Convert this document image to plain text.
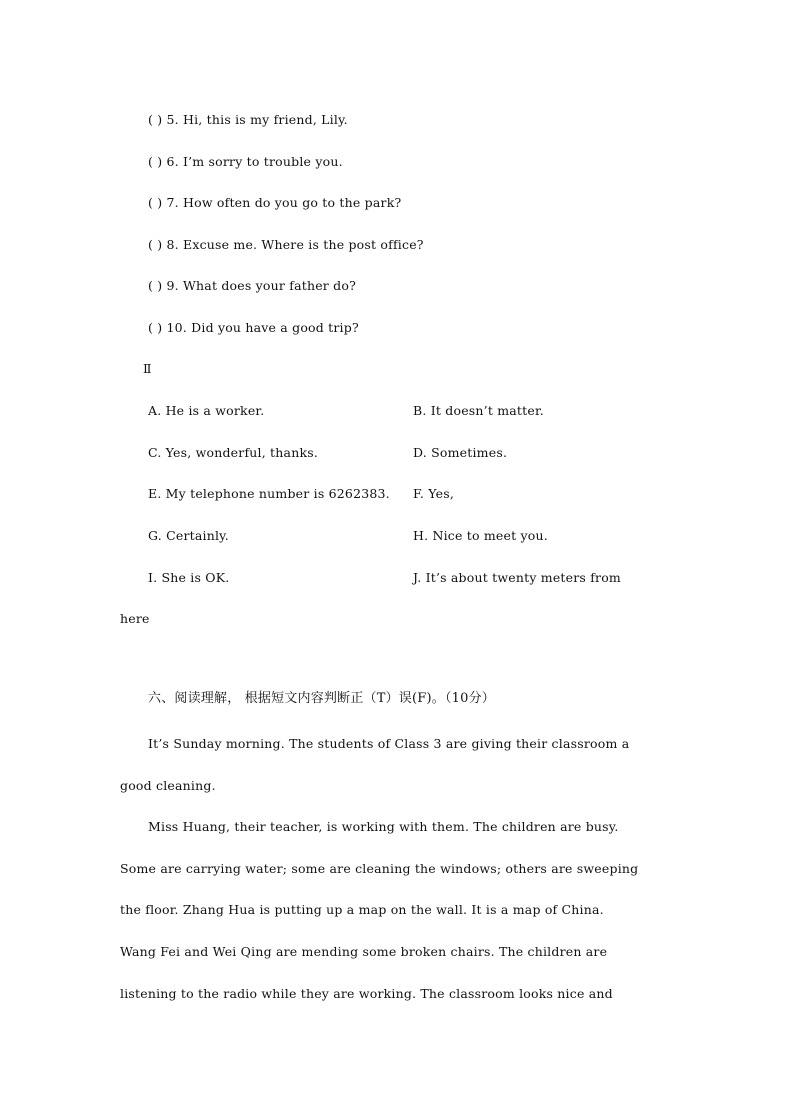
( ) 5. Hi, this is my friend, Lily.
( ) 6. I’m sorry to trouble you.
( ) 7. How often do you go to the park?
( ) 8. Excuse me. Where is the post office?
( ) 9. What does your father do?
( ) 10. Did you have a good trip?
Ⅱ
A. He is a worker.	B. It doesn’t matter.
C. Yes, wonderful, thanks.	D. Sometimes.
E. My telephone number is 6262383. F. Yes,
G. Certainly.	H. Nice to meet you.
I. She is OK.	J. It’s about twenty meters from
here
六、阅读理解， 根据短文内容判断正（T）误(F)。（10分）
It’s Sunday morning. The students of Class 3 are giving their classroom a
good cleaning.
Miss Huang, their teacher, is working with them. The children are busy.
Some are carrying water; some are cleaning the windows; others are sweeping
the floor. Zhang Hua is putting up a map on the wall. It is a map of China.
Wang Fei and Wei Qing are mending some broken chairs. The children are
listening to the radio while they are working. The classroom looks nice and
